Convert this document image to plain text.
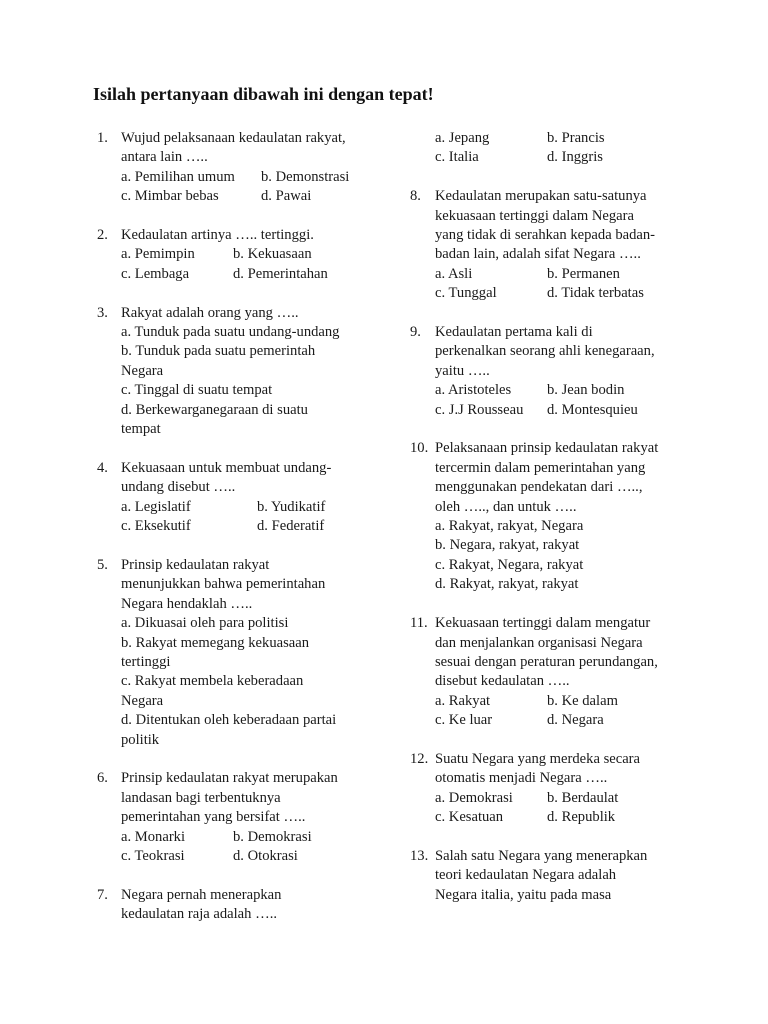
Isilah pertanyaan dibawah ini dengan tepat!
1. Wujud pelaksanaan kedaulatan rakyat,
antara lain …..
a. Pemilihan umum	b. Demonstrasi
c. Mimbar bebas	d. Pawai
2. Kedaulatan artinya ….. tertinggi.
a. Pemimpin	b. Kekuasaan
c. Lembaga	d. Pemerintahan
3. Rakyat adalah orang yang …..
a. Tunduk pada suatu undang-undang
b. Tunduk pada suatu pemerintah
Negara
c. Tinggal di suatu tempat
d. Berkewarganegaraan di suatu
tempat
4. Kekuasaan untuk membuat undang-
undang disebut …..
a. Legislatif	b. Yudikatif
c. Eksekutif	d. Federatif
5. Prinsip kedaulatan rakyat
menunjukkan bahwa pemerintahan
Negara hendaklah …..
a. Dikuasai oleh para politisi
b. Rakyat memegang kekuasaan
tertinggi
c. Rakyat membela keberadaan
Negara
d. Ditentukan oleh keberadaan partai
politik
6. Prinsip kedaulatan rakyat merupakan
landasan bagi terbentuknya
pemerintahan yang bersifat …..
a. Monarki	b. Demokrasi
c. Teokrasi	d. Otokrasi
7. Negara pernah menerapkan
kedaulatan raja adalah …..
a. Jepang	b. Prancis
c. Italia	d. Inggris
8. Kedaulatan merupakan satu-satunya
kekuasaan tertinggi dalam Negara
yang tidak di serahkan kepada badan-
badan lain, adalah sifat Negara …..
a. Asli	b. Permanen
c. Tunggal	d. Tidak terbatas
9. Kedaulatan pertama kali di
perkenalkan seorang ahli kenegaraan,
yaitu …..
a. Aristoteles	b. Jean bodin
c. J.J Rousseau	d. Montesquieu
10. Pelaksanaan prinsip kedaulatan rakyat
tercermin dalam pemerintahan yang
menggunakan pendekatan dari …..,
oleh ….., dan untuk …..
a. Rakyat, rakyat, Negara
b. Negara, rakyat, rakyat
c. Rakyat, Negara, rakyat
d. Rakyat, rakyat, rakyat
11. Kekuasaan tertinggi dalam mengatur
dan menjalankan organisasi Negara
sesuai dengan peraturan perundangan,
disebut kedaulatan …..
a. Rakyat	b. Ke dalam
c. Ke luar	d. Negara
12. Suatu Negara yang merdeka secara
otomatis menjadi Negara …..
a. Demokrasi	b. Berdaulat
c. Kesatuan	d. Republik
13. Salah satu Negara yang menerapkan
teori kedaulatan Negara adalah
Negara italia, yaitu pada masa
